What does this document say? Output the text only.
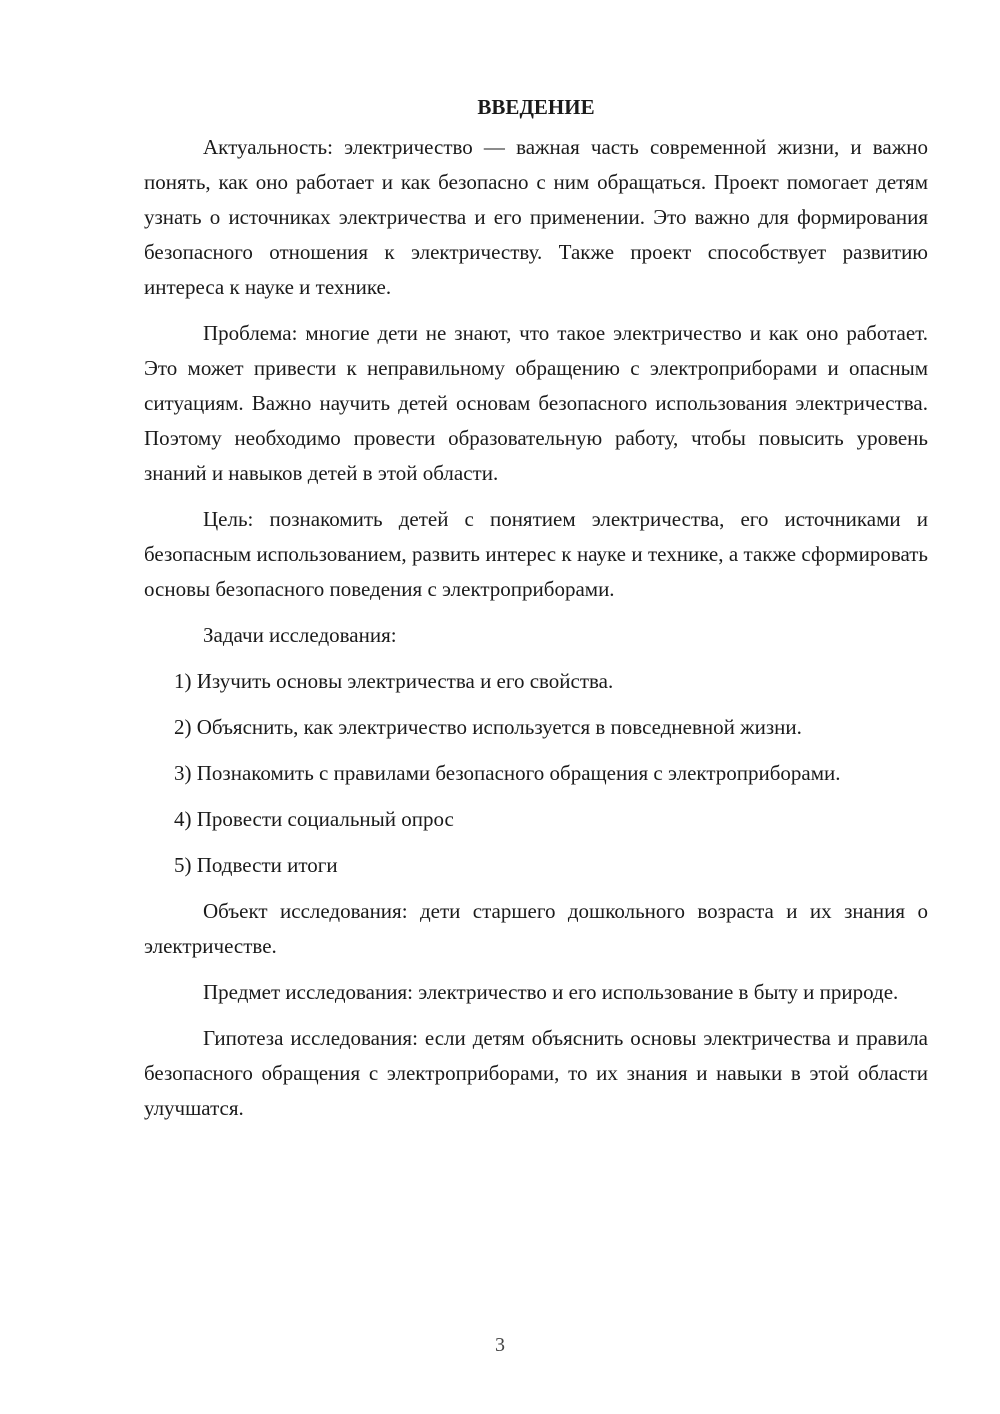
ВВЕДЕНИЕ

Актуальность: электричество — важная часть современной жизни, и важно понять, как оно работает и как безопасно с ним обращаться. Проект помогает детям узнать о источниках электричества и его применении. Это важно для формирования безопасного отношения к электричеству. Также проект способствует развитию интереса к науке и технике.

Проблема: многие дети не знают, что такое электричество и как оно работает. Это может привести к неправильному обращению с электроприборами и опасным ситуациям. Важно научить детей основам безопасного использования электричества. Поэтому необходимо провести образовательную работу, чтобы повысить уровень знаний и навыков детей в этой области.

Цель: познакомить детей с понятием электричества, его источниками и безопасным использованием, развить интерес к науке и технике, а также сформировать основы безопасного поведения с электроприборами.

Задачи исследования:

1) Изучить основы электричества и его свойства.

2) Объяснить, как электричество используется в повседневной жизни.

3) Познакомить с правилами безопасного обращения с электроприборами.

4) Провести социальный опрос

5) Подвести итоги

Объект исследования: дети старшего дошкольного возраста и их знания о электричестве.

Предмет исследования: электричество и его использование в быту и природе.

Гипотеза исследования: если детям объяснить основы электричества и правила безопасного обращения с электроприборами, то их знания и навыки в этой области улучшатся.

3
